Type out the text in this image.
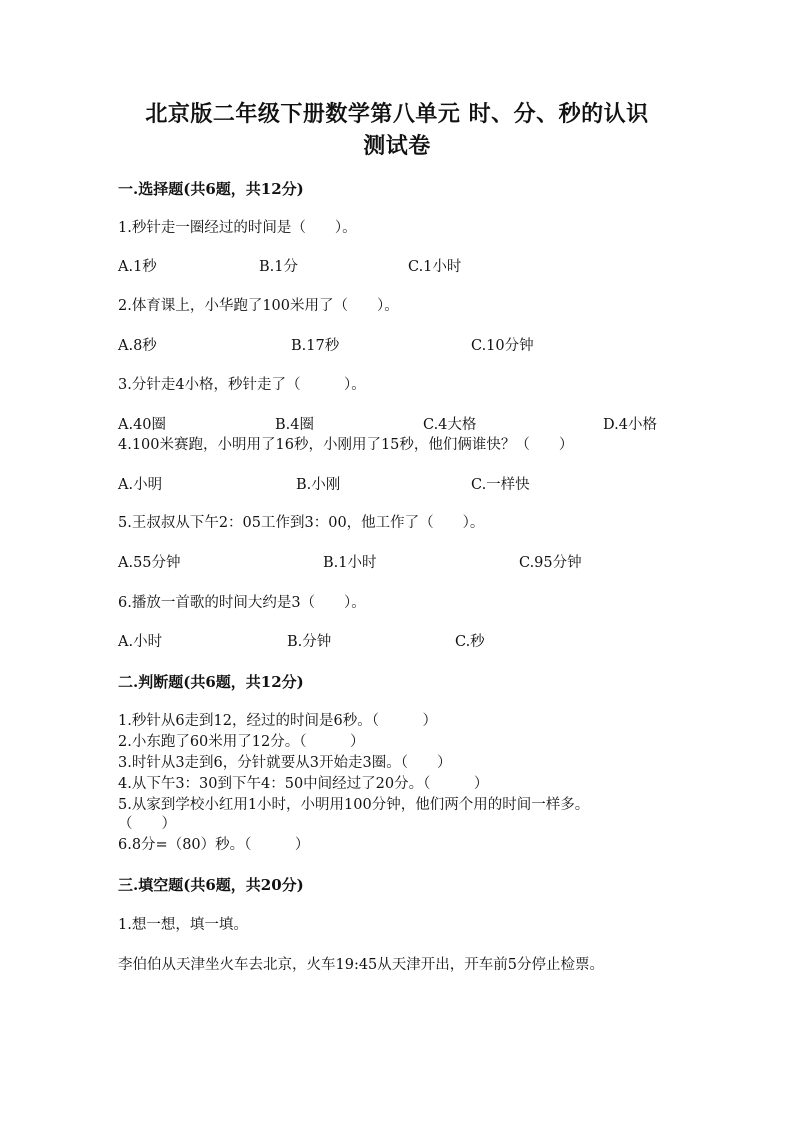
北京版二年级下册数学第八单元 时、分、秒的认识
测试卷
一.选择题(共6题，共12分)
1.秒针走一圈经过的时间是（　　）。
A.1秒	B.1分	C.1小时
2.体育课上，小华跑了100米用了（　　）。
A.8秒	B.17秒	C.10分钟
3.分针走4小格，秒针走了（　　　）。
A.40圈	B.4圈	C.4大格	D.4小格
4.100米赛跑，小明用了16秒，小刚用了15秒，他们俩谁快？（　　）
A.小明	B.小刚	C.一样快
5.王叔叔从下午2：05工作到3：00，他工作了（　　）。
A.55分钟	B.1小时	C.95分钟
6.播放一首歌的时间大约是3（　　）。
A.小时	B.分钟	C.秒
二.判断题(共6题，共12分)
1.秒针从6走到12，经过的时间是6秒。（　　　）
2.小东跑了60米用了12分。（　　　）
3.时针从3走到6，分针就要从3开始走3圈。（　　）
4.从下午3：30到下午4：50中间经过了20分。（　　　）
5.从家到学校小红用1小时，小明用100分钟，他们两个用的时间一样多。
（　　）
6.8分=（80）秒。（　　　）
三.填空题(共6题，共20分)
1.想一想，填一填。
李伯伯从天津坐火车去北京，火车19:45从天津开出，开车前5分停止检票。
